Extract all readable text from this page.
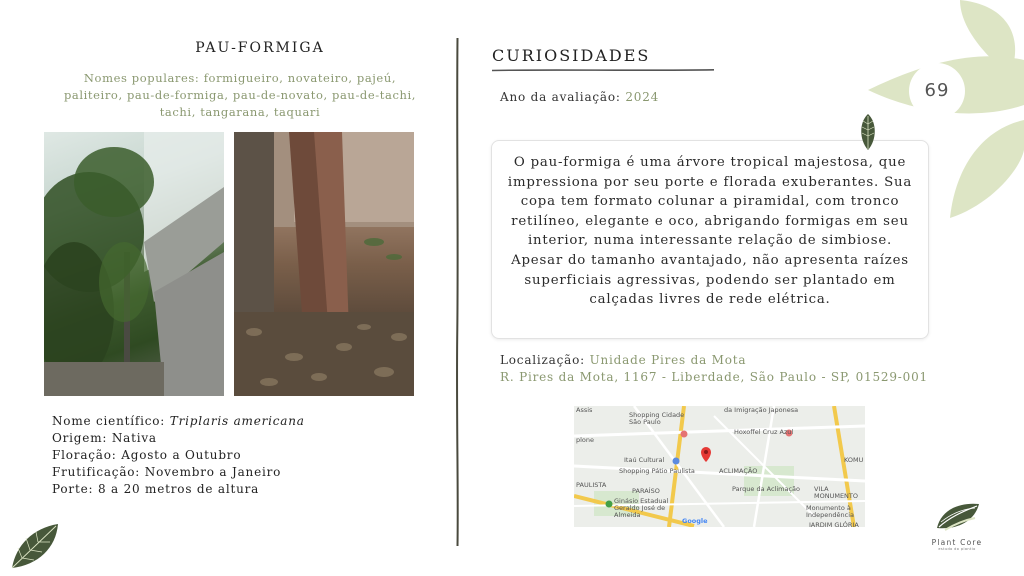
PAU-FORMIGA
Nomes populares: formigueiro, novateiro, pajeú, paliteiro, pau-de-formiga, pau-de-novato, pau-de-tachi, tachi, tangarana, taquari
Nome científico: Triplaris americana
Origem: Nativa
Floração: Agosto a Outubro
Frutificação: Novembro a Janeiro
Porte: 8 a 20 metros de altura
CURIOSIDADES
Ano da avaliação: 2024
O pau-formiga é uma árvore tropical majestosa, que impressiona por seu porte e florada exuberantes. Sua copa tem formato colunar a piramidal, com tronco retilíneo, elegante e oco, abrigando formigas em seu interior, numa interessante relação de simbiose. Apesar do tamanho avantajado, não apresenta raízes superficiais agressivas, podendo ser plantado em calçadas livres de rede elétrica.
Localização: Unidade Pires da Mota
R. Pires da Mota, 1167 - Liberdade, São Paulo - SP, 01529-001
Assis
Shopping Cidade São Paulo
da Imigração Japonesa
Hoxoffel Cruz Azul
plone
Itaú Cultural
Shopping Pátio Paulista	ACLIMAÇÃO
KOMU
PAULISTA
PARAÍSO	Parque da Aclimação VILA MONUMENTO
Ginásio Estadual Geraldo José de Almeida
Monumento à Independência
JARDIM GLÓRIA
Google
69
Plant Core
estudo do plantio
